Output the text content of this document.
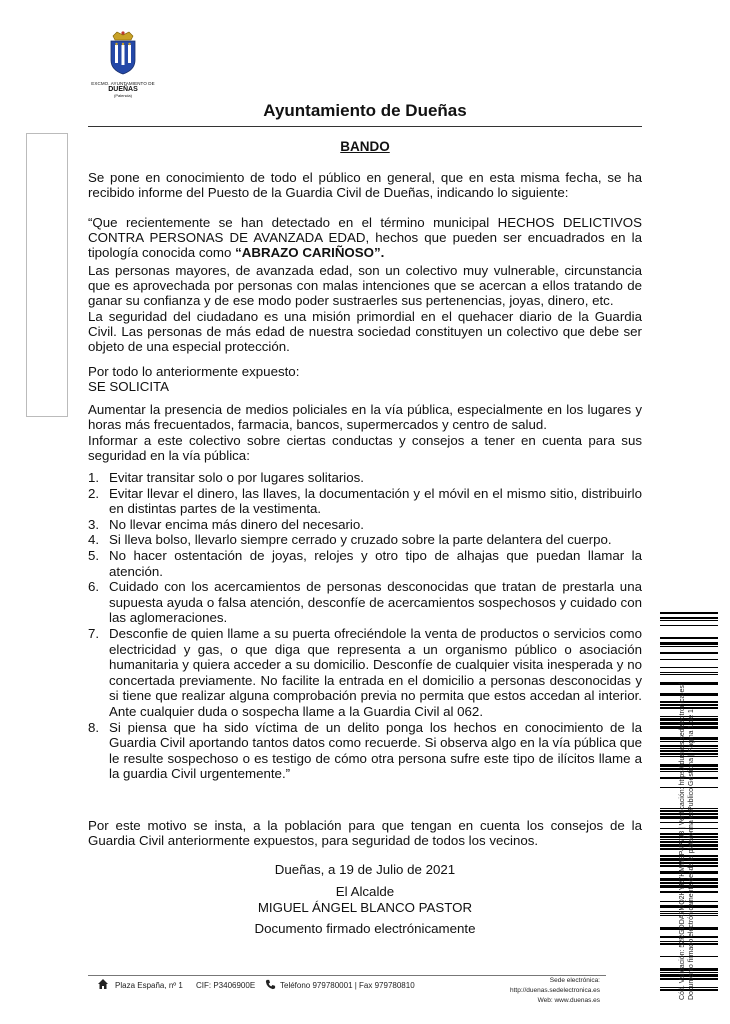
EXCMO. AYUNTAMIENTO DE
DUEÑAS
(Palencia)
Ayuntamiento de Dueñas
BANDO
Se pone en conocimiento de todo el público en general, que en esta misma fecha, se ha recibido informe del Puesto de la Guardia Civil de Dueñas, indicando lo siguiente:
“Que recientemente se han detectado en el término municipal HECHOS DELICTIVOS CONTRA PERSONAS DE AVANZADA EDAD, hechos que pueden ser encuadrados en la tipología conocida como “ABRAZO CARIÑOSO”.
Las personas mayores, de avanzada edad, son un colectivo muy vulnerable, circunstancia que es aprovechada por personas con malas intenciones que se acercan a ellos tratando de ganar su confianza y de ese modo poder sustraerles sus pertenencias, joyas, dinero, etc.
La seguridad del ciudadano es una misión primordial en el quehacer diario de la Guardia Civil. Las personas de más edad de nuestra sociedad constituyen un colectivo que debe ser objeto de una especial protección.
Por todo lo anteriormente expuesto:
SE SOLICITA
Aumentar la presencia de medios policiales en la vía pública, especialmente en los lugares y horas más frecuentados, farmacia, bancos, supermercados y centro de salud.
Informar a este colectivo sobre ciertas conductas y consejos a tener en cuenta para sus seguridad en la vía pública:
1. Evitar transitar solo o por lugares solitarios.
2. Evitar llevar el dinero, las llaves, la documentación y el móvil en el mismo sitio, distribuirlo en distintas partes de la vestimenta.
3. No llevar encima más dinero del necesario.
4. Si lleva bolso, llevarlo siempre cerrado y cruzado sobre la parte delantera del cuerpo.
5. No hacer ostentación de joyas, relojes y otro tipo de alhajas que puedan llamar la atención.
6. Cuidado con los acercamientos de personas desconocidas que tratan de prestarla una supuesta ayuda o falsa atención, desconfíe de acercamientos sospechosos y cuidado con las aglomeraciones.
7. Desconfie de quien llame a su puerta ofreciéndole la venta de productos o servicios como electricidad y gas, o que diga que representa a un organismo público o asociación humanitaria y quiera acceder a su domicilio. Desconfíe de cualquier visita inesperada y no concertada previamente. No facilite la entrada en el domicilio a personas desconocidas y si tiene que realizar alguna comprobación previa no permita que estos accedan al interior. Ante cualquier duda o sospecha llame a la Guardia Civil al 062.
8. Si piensa que ha sido víctima de un delito ponga los hechos en conocimiento de la Guardia Civil aportando tantos datos como recuerde. Si observa algo en la vía pública que le resulte sospechoso o es testigo de cómo otra persona sufre este tipo de ilícitos llame a la guardia Civil urgentemente.”
Por este motivo se insta, a la población para que tengan en cuenta los consejos de la Guardia Civil anteriormente expuestos, para seguridad de todos los vecinos.
Dueñas, a 19 de Julio de 2021
El Alcalde
MIGUEL ÁNGEL BLANCO PASTOR
Documento firmado electrónicamente
Plaza España, nº 1 CIF: P3406900E	Teléfono 979780001 | Fax 979780810
Sede electrónica: http://duenas.sedelectronica.es
Web: www.duenas.es
Cód. Validación: 52RGDDA7MQ2HYR7HMMEP4P7J3 | Verificación: https://duenas.sedelectronica.es/ Documento firmado electrónicamente desde la plataforma esPublico Gestiona | Página 1 de 1
